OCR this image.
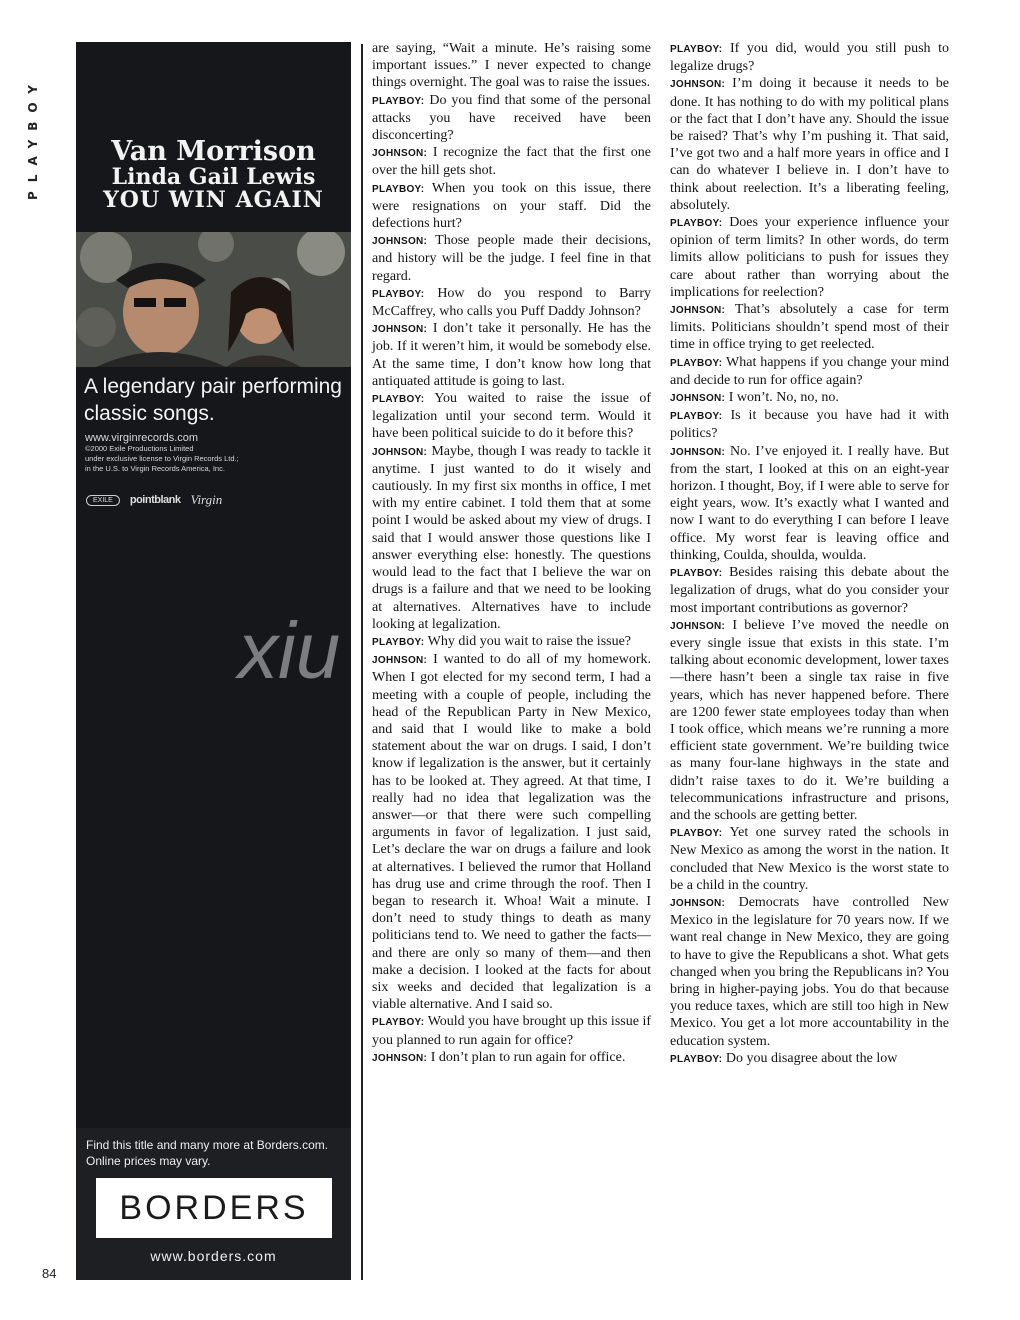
PLAYBOY
84
Van Morrison
Linda Gail Lewis
YOU WIN AGAIN
A legendary pair performing classic songs.
www.virginrecords.com
©2000 Exile Productions Limited
under exclusive license to Virgin Records Ltd.;
in the U.S. to Virgin Records America, Inc.
EXILE	pointblank Virgin
Find this title and many more at Borders.com. Online prices may vary.
BORDERS
www.borders.com

are saying, “Wait a minute. He’s raising some important issues.” I never expected to change things overnight. The goal was to raise the issues.

PLAYBOY: Do you find that some of the personal attacks you have received have been disconcerting?

JOHNSON: I recognize the fact that the first one over the hill gets shot.

PLAYBOY: When you took on this issue, there were resignations on your staff. Did the defections hurt?

JOHNSON: Those people made their decisions, and history will be the judge. I feel fine in that regard.

PLAYBOY: How do you respond to Barry McCaffrey, who calls you Puff Daddy Johnson?

JOHNSON: I don’t take it personally. He has the job. If it weren’t him, it would be somebody else. At the same time, I don’t know how long that antiquated attitude is going to last.

PLAYBOY: You waited to raise the issue of legalization until your second term. Would it have been political suicide to do it before this?

JOHNSON: Maybe, though I was ready to tackle it anytime. I just wanted to do it wisely and cautiously. In my first six months in office, I met with my entire cabinet. I told them that at some point I would be asked about my view of drugs. I said that I would answer those questions like I answer everything else: honestly. The questions would lead to the fact that I believe the war on drugs is a failure and that we need to be looking at alternatives. Alternatives have to include looking at legalization.

PLAYBOY: Why did you wait to raise the issue?

JOHNSON: I wanted to do all of my homework. When I got elected for my second term, I had a meeting with a couple of people, including the head of the Republican Party in New Mexico, and said that I would like to make a bold statement about the war on drugs. I said, I don’t know if legalization is the answer, but it certainly has to be looked at. They agreed. At that time, I really had no idea that legalization was the answer—or that there were such compelling arguments in favor of legalization. I just said, Let’s declare the war on drugs a failure and look at alternatives. I believed the rumor that Holland has drug use and crime through the roof. Then I began to research it. Whoa! Wait a minute. I don’t need to study things to death as many politicians tend to. We need to gather the facts—and there are only so many of them—and then make a decision. I looked at the facts for about six weeks and decided that legalization is a viable alternative. And I said so.

PLAYBOY: Would you have brought up this issue if you planned to run again for office?

JOHNSON: I don’t plan to run again for office.

PLAYBOY: If you did, would you still push to legalize drugs?

JOHNSON: I’m doing it because it needs to be done. It has nothing to do with my political plans or the fact that I don’t have any. Should the issue be raised? That’s why I’m pushing it. That said, I’ve got two and a half more years in office and I can do whatever I believe in. I don’t have to think about reelection. It’s a liberating feeling, absolutely.

PLAYBOY: Does your experience influence your opinion of term limits? In other words, do term limits allow politicians to push for issues they care about rather than worrying about the implications for reelection?

JOHNSON: That’s absolutely a case for term limits. Politicians shouldn’t spend most of their time in office trying to get reelected.

PLAYBOY: What happens if you change your mind and decide to run for office again?

JOHNSON: I won’t. No, no, no.

PLAYBOY: Is it because you have had it with politics?

JOHNSON: No. I’ve enjoyed it. I really have. But from the start, I looked at this on an eight-year horizon. I thought, Boy, if I were able to serve for eight years, wow. It’s exactly what I wanted and now I want to do everything I can before I leave office. My worst fear is leaving office and thinking, Coulda, shoulda, woulda.

PLAYBOY: Besides raising this debate about the legalization of drugs, what do you consider your most important contributions as governor?

JOHNSON: I believe I’ve moved the needle on every single issue that exists in this state. I’m talking about economic development, lower taxes—there hasn’t been a single tax raise in five years, which has never happened before. There are 1200 fewer state employees today than when I took office, which means we’re running a more efficient state government. We’re building twice as many four-lane highways in the state and didn’t raise taxes to do it. We’re building a telecommunications infrastructure and prisons, and the schools are getting better.

PLAYBOY: Yet one survey rated the schools in New Mexico as among the worst in the nation. It concluded that New Mexico is the worst state to be a child in the country.

JOHNSON: Democrats have controlled New Mexico in the legislature for 70 years now. If we want real change in New Mexico, they are going to have to give the Republicans a shot. What gets changed when you bring the Republicans in? You bring in higher-paying jobs. You do that because you reduce taxes, which are still too high in New Mexico. You get a lot more accountability in the education system.

PLAYBOY: Do you disagree about the low

xiu
